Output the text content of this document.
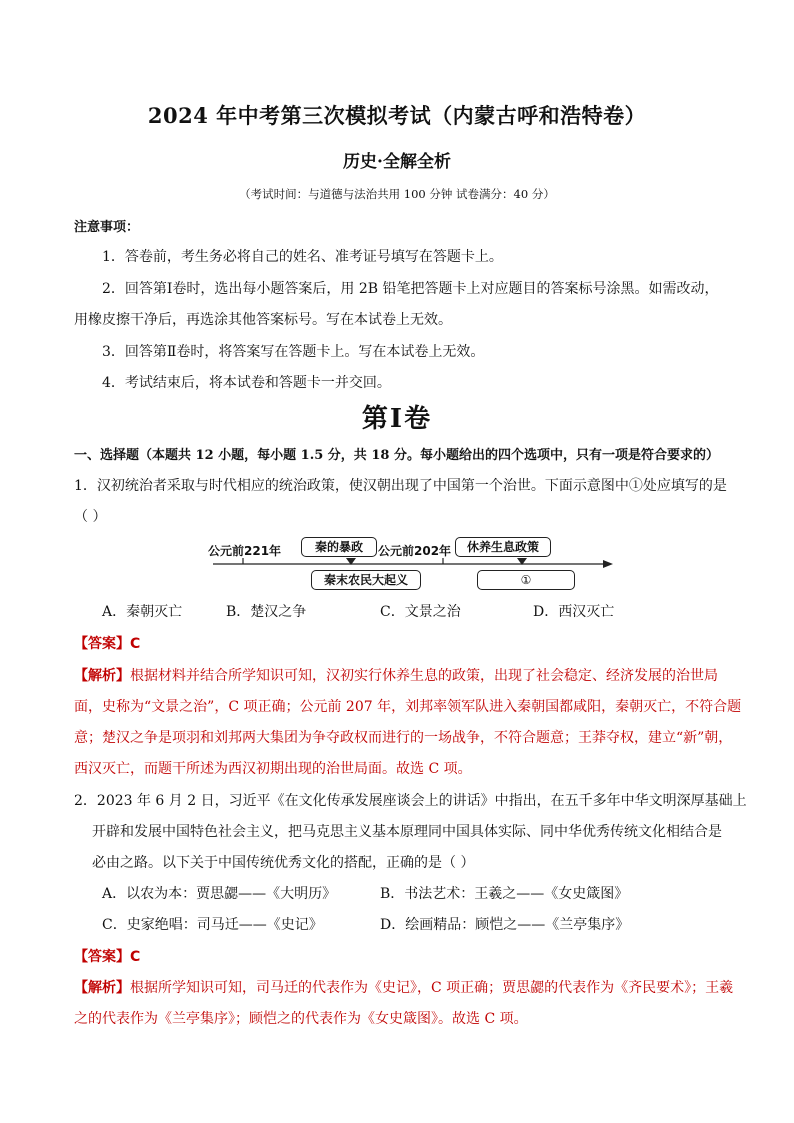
2024 年中考第三次模拟考试（内蒙古呼和浩特卷）
历史·全解全析
（考试时间：与道德与法治共用 100 分钟 试卷满分：40 分）
注意事项：
1．答卷前，考生务必将自己的姓名、准考证号填写在答题卡上。
2．回答第Ⅰ卷时，选出每小题答案后，用 2B 铅笔把答题卡上对应题目的答案标号涂黑。如需改动，
用橡皮擦干净后，再选涂其他答案标号。写在本试卷上无效。
3．回答第Ⅱ卷时，将答案写在答题卡上。写在本试卷上无效。
4．考试结束后，将本试卷和答题卡一并交回。
第Ⅰ卷
一、选择题（本题共 12 小题，每小题 1.5 分，共 18 分。每小题给出的四个选项中，只有一项是符合要求的）
1．汉初统治者采取与时代相应的统治政策，使汉朝出现了中国第一个治世。下面示意图中①处应填写的是
（ ）
公元前221年	公元前202年
秦的暴政	休养生息政策
秦末农民大起义	①
A．秦朝灭亡	B．楚汉之争	C．文景之治	D．西汉灭亡
【答案】C
【解析】根据材料并结合所学知识可知，汉初实行休养生息的政策，出现了社会稳定、经济发展的治世局
面，史称为“文景之治”，C 项正确；公元前 207 年，刘邦率领军队进入秦朝国都咸阳，秦朝灭亡，不符合题
意；楚汉之争是项羽和刘邦两大集团为争夺政权而进行的一场战争，不符合题意；王莽夺权，建立“新”朝，
西汉灭亡，而题干所述为西汉初期出现的治世局面。故选 C 项。
2．2023 年 6 月 2 日，习近平《在文化传承发展座谈会上的讲话》中指出，在五千多年中华文明深厚基础上
开辟和发展中国特色社会主义，把马克思主义基本原理同中国具体实际、同中华优秀传统文化相结合是
必由之路。以下关于中国传统优秀文化的搭配，正确的是（ ）
A．以农为本：贾思勰——《大明历》	B．书法艺术：王羲之——《女史箴图》
C．史家绝唱：司马迁——《史记》	D．绘画精品：顾恺之——《兰亭集序》
【答案】C
【解析】根据所学知识可知，司马迁的代表作为《史记》，C 项正确；贾思勰的代表作为《齐民要术》；王羲
之的代表作为《兰亭集序》；顾恺之的代表作为《女史箴图》。故选 C 项。
